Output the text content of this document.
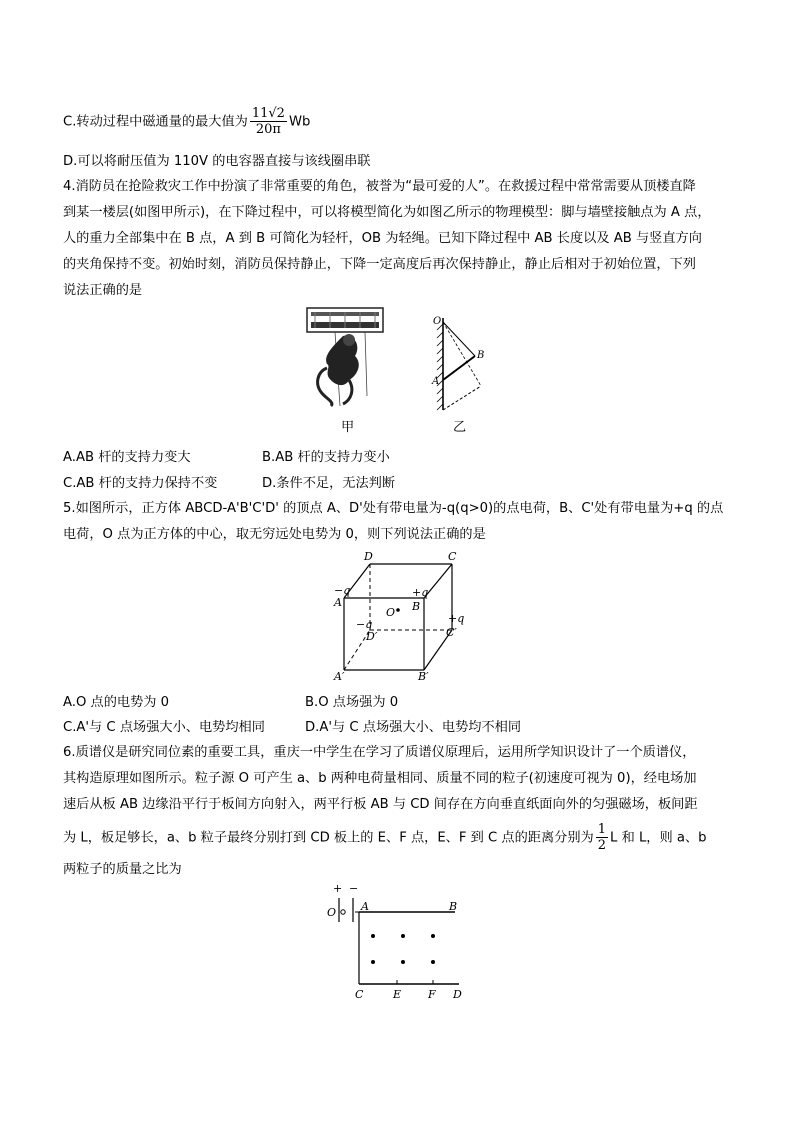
C.转动过程中磁通量的最大值为 $\frac{11√2}{20\pi}$ Wb
D.可以将耐压值为 110V 的电容器直接与该线圈串联
4.消防员在抢险救灾工作中扮演了非常重要的角色，被誉为“最可爱的人”。在救援过程中常常需要从顶楼直降
到某一楼层(如图甲所示)，在下降过程中，可以将模型简化为如图乙所示的物理模型：脚与墙壁接触点为 A 点，
人的重力全部集中在 B 点，A 到 B 可简化为轻杆，OB 为轻绳。已知下降过程中 AB 长度以及 AB 与竖直方向
的夹角保持不变。初始时刻，消防员保持静止，下降一定高度后再次保持静止，静止后相对于初始位置，下列
说法正确的是
甲
O
B
A
乙
A.AB 杆的支持力变大	B.AB 杆的支持力变小
C.AB 杆的支持力保持不变	D.条件不足，无法判断
5.如图所示，正方体 ABCD-A'B'C'D' 的顶点 A、D'处有带电量为-q(q>0)的点电荷，B、C'处有带电量为+q 的点
电荷，O 点为正方体的中心，取无穷远处电势为 0，则下列说法正确的是
D	C
A
−q	+q
B
O
−q
D′
+q
C′
A′	B′
A.O 点的电势为 0	B.O 点场强为 0
C.A'与 C 点场强大小、电势均相同	D.A'与 C 点场强大小、电势均不相同
6.质谱仪是研究同位素的重要工具，重庆一中学生在学习了质谱仪原理后，运用所学知识设计了一个质谱仪，
其构造原理如图所示。粒子源 O 可产生 a、b 两种电荷量相同、质量不同的粒子(初速度可视为 0)，经电场加
速后从板 AB 边缘沿平行于板间方向射入，两平行板 AB 与 CD 间存在方向垂直纸面向外的匀强磁场，板间距
为 L，板足够长，a、b 粒子最终分别打到 CD 板上的 E、F 点，E、F 到 C 点的距离分别为 $\frac{1}{2}$ L 和 L，则 a、b
两粒子的质量之比为
+ −
O A	B
C	E F D
